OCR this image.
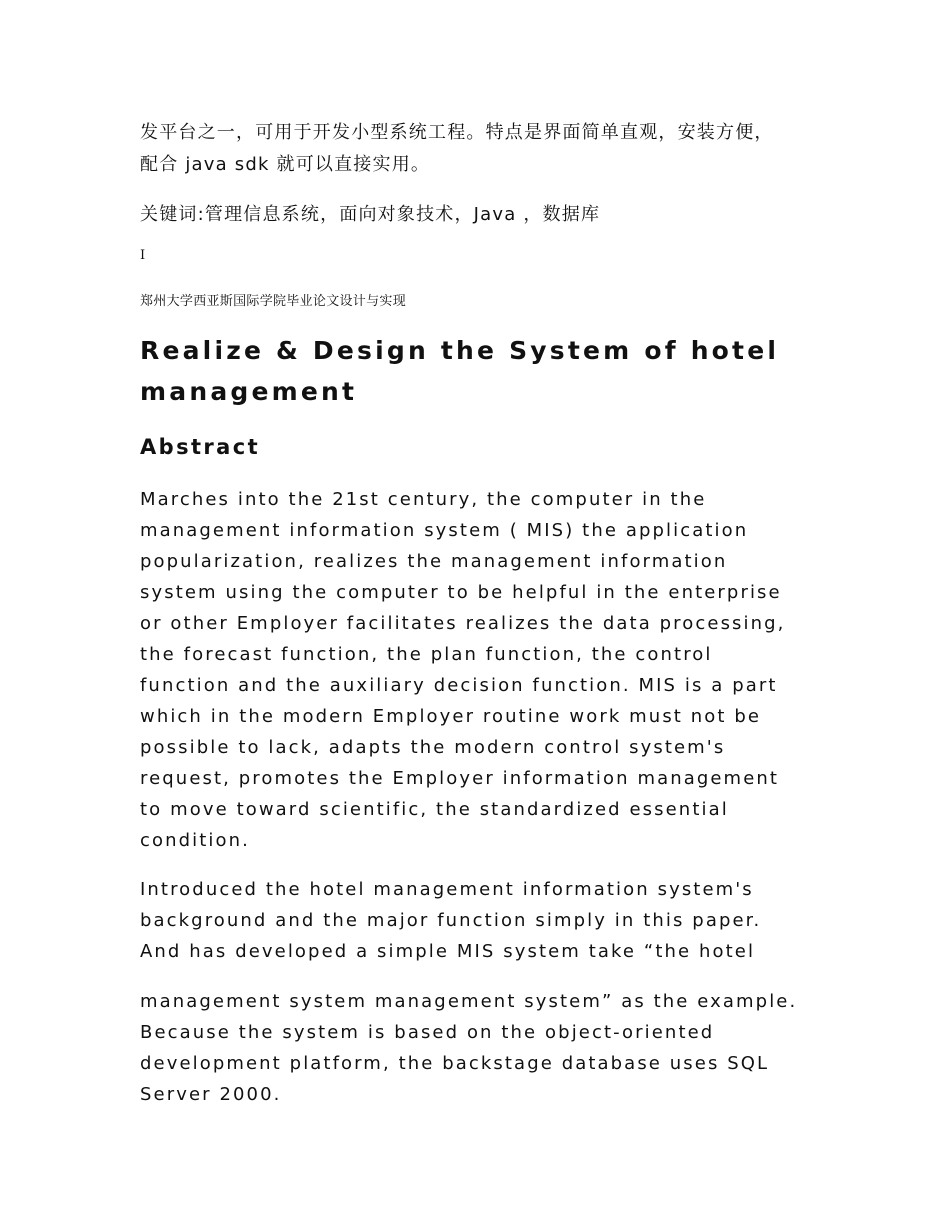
发平台之一，可用于开发小型系统工程。特点是界面简单直观，安装方便，
配合 java sdk 就可以直接实用。
关键词:管理信息系统，面向对象技术，Java ，数据库
I
郑州大学西亚斯国际学院毕业论文设计与实现
Realize & Design the System of hotel
management
Abstract
Marches into the 21st century, the computer in the
management information system ( MIS) the application
popularization, realizes the management information
system using the computer to be helpful in the enterprise
or other Employer facilitates realizes the data processing,
the forecast function, the plan function, the control
function and the auxiliary decision function. MIS is a part
which in the modern Employer routine work must not be
possible to lack, adapts the modern control system's
request, promotes the Employer information management
to move toward scientific, the standardized essential
condition.
Introduced the hotel management information system's
background and the major function simply in this paper.
And has developed a simple MIS system take “the hotel
management system management system” as the example.
Because the system is based on the object-oriented
development platform, the backstage database uses SQL
Server 2000.
